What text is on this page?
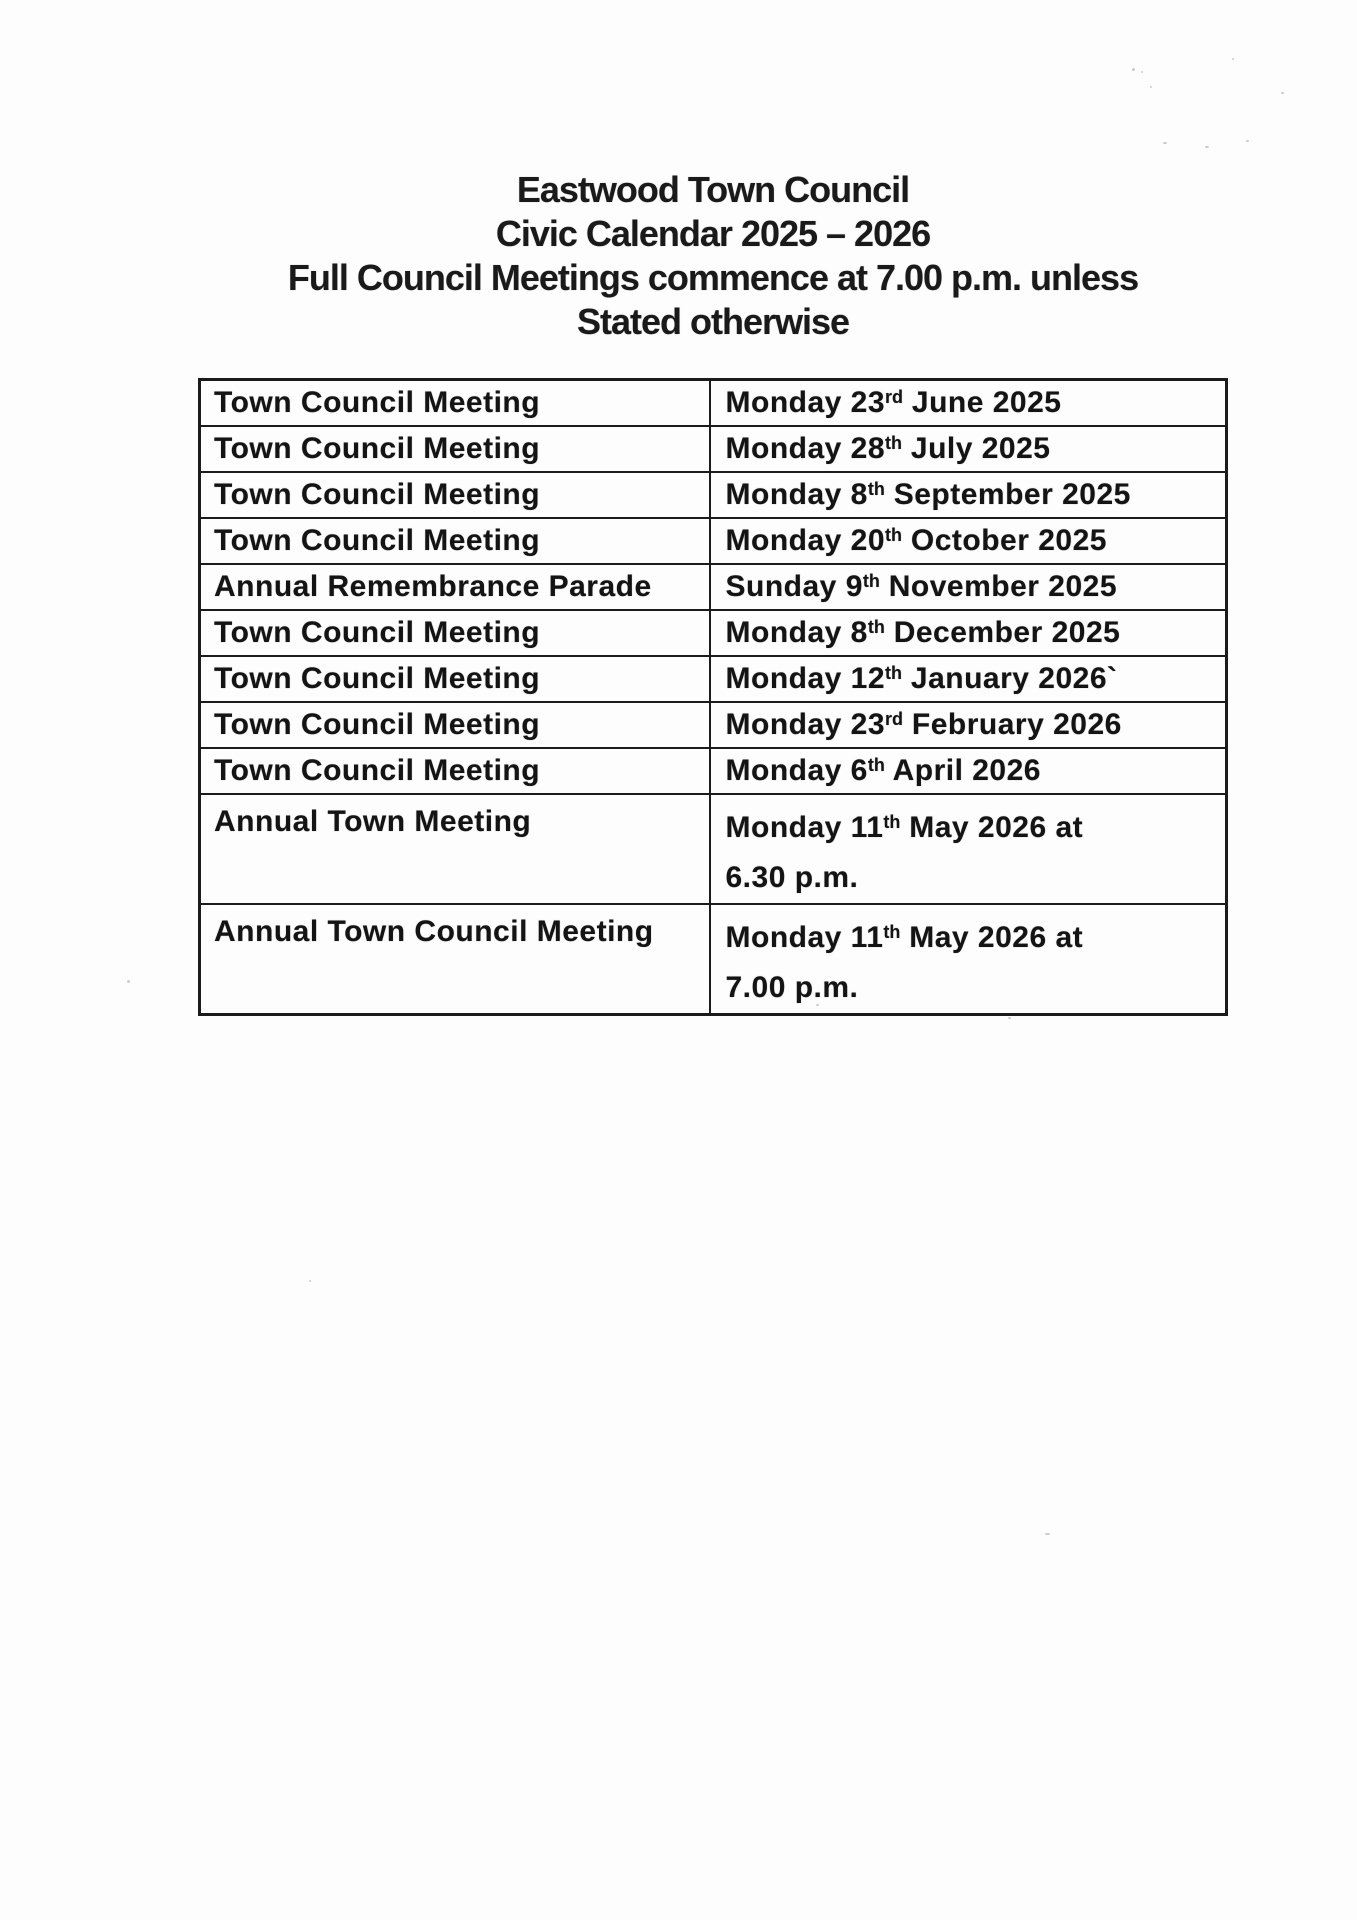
Eastwood Town Council
Civic Calendar 2025 – 2026
Full Council Meetings commence at 7.00 p.m. unless
Stated otherwise
Town Council Meeting	Monday 23rd June 2025
Town Council Meeting	Monday 28th July 2025
Town Council Meeting	Monday 8th September 2025
Town Council Meeting	Monday 20th October 2025
Annual Remembrance Parade	Sunday 9th November 2025
Town Council Meeting	Monday 8th December 2025
Town Council Meeting	Monday 12th January 2026`
Town Council Meeting	Monday 23rd February 2026
Town Council Meeting	Monday 6th April 2026
Annual Town Meeting	Monday 11th May 2026 at
6.30 p.m.
Annual Town Council Meeting	Monday 11th May 2026 at
7.00 p.m.
